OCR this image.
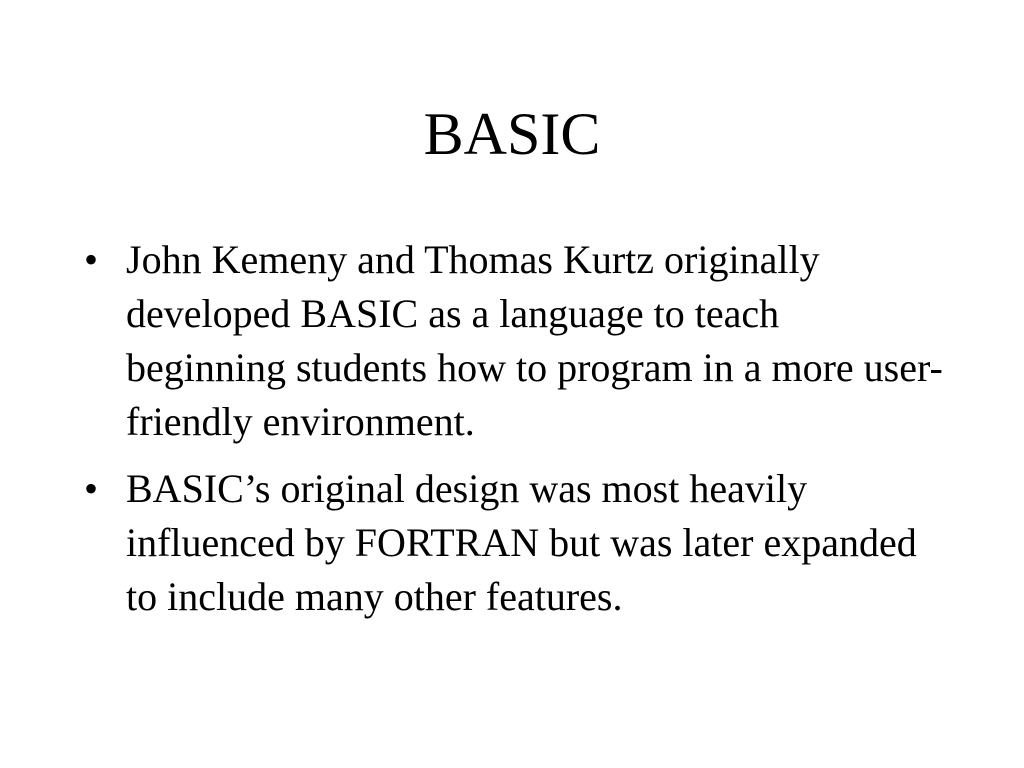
BASIC
• John Kemeny and Thomas Kurtz originally developed BASIC as a language to teach beginning students how to program in a more user-friendly environment.
• BASIC’s original design was most heavily influenced by FORTRAN but was later expanded to include many other features.
